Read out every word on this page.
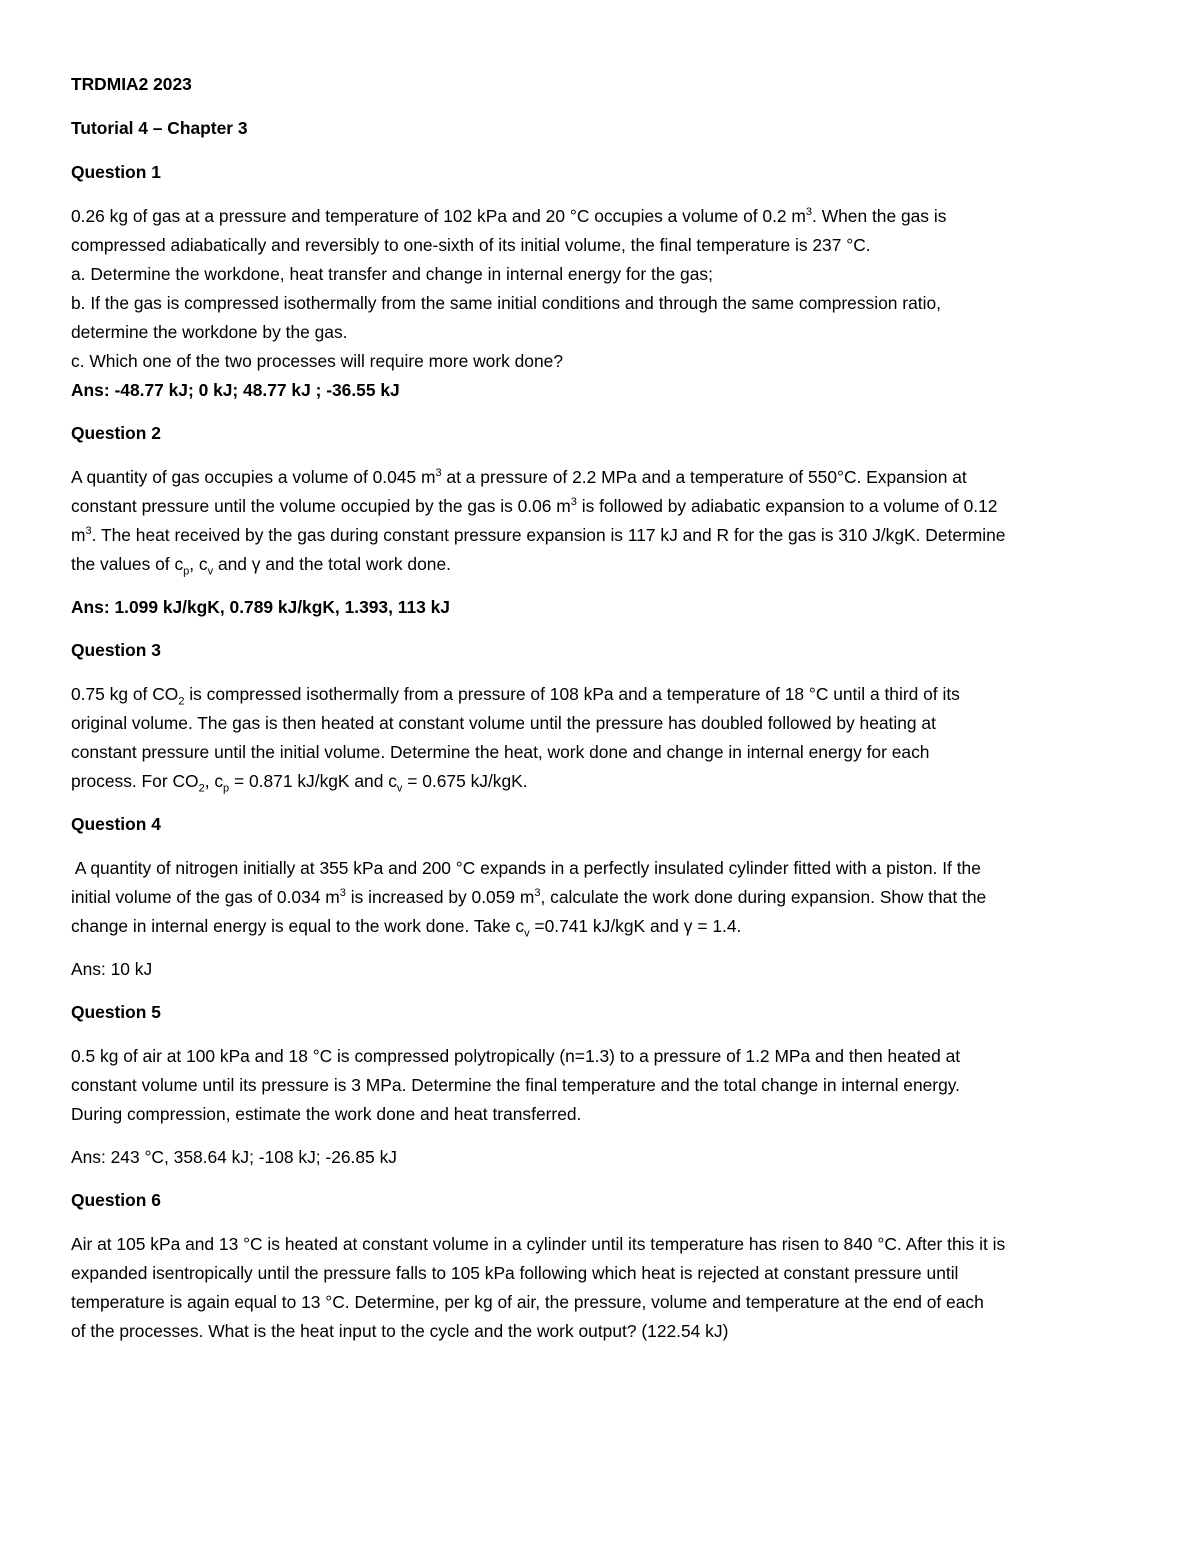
TRDMIA2 2023
Tutorial 4 – Chapter 3
Question 1
0.26 kg of gas at a pressure and temperature of 102 kPa and 20 °C occupies a volume of 0.2 $m^3$. When the gas is
compressed adiabatically and reversibly to one-sixth of its initial volume, the final temperature is 237 °C.
a. Determine the workdone, heat transfer and change in internal energy for the gas;
b. If the gas is compressed isothermally from the same initial conditions and through the same compression ratio,
determine the workdone by the gas.
c. Which one of the two processes will require more work done?
Ans: -48.77 kJ; 0 kJ; 48.77 kJ ; -36.55 kJ
Question 2
A quantity of gas occupies a volume of 0.045 $m^3$ at a pressure of 2.2 MPa and a temperature of 550°C. Expansion at
constant pressure until the volume occupied by the gas is 0.06 $m^3$ is followed by adiabatic expansion to a volume of 0.12
$m^3$. The heat received by the gas during constant pressure expansion is 117 kJ and R for the gas is 310 J/kgK. Determine
the values of $c_p$, $c_v$ and γ and the total work done.
Ans: 1.099 kJ/kgK, 0.789 kJ/kgK, 1.393, 113 kJ
Question 3
0.75 kg of $CO_2$ is compressed isothermally from a pressure of 108 kPa and a temperature of 18 °C until a third of its
original volume. The gas is then heated at constant volume until the pressure has doubled followed by heating at
constant pressure until the initial volume. Determine the heat, work done and change in internal energy for each
process. For $CO_2$, $c_p = 0.871$ kJ/kgK and $c_v = 0.675$ kJ/kgK.
Question 4
A quantity of nitrogen initially at 355 kPa and 200 °C expands in a perfectly insulated cylinder fitted with a piston. If the
initial volume of the gas of 0.034 $m^3$ is increased by 0.059 $m^3$, calculate the work done during expansion. Show that the
change in internal energy is equal to the work done. Take $c_v =0.741$ kJ/kgK and γ = 1.4.
Ans: 10 kJ
Question 5
0.5 kg of air at 100 kPa and 18 °C is compressed polytropically (n=1.3) to a pressure of 1.2 MPa and then heated at
constant volume until its pressure is 3 MPa. Determine the final temperature and the total change in internal energy.
During compression, estimate the work done and heat transferred.
Ans: 243 °C, 358.64 kJ; -108 kJ; -26.85 kJ
Question 6
Air at 105 kPa and 13 °C is heated at constant volume in a cylinder until its temperature has risen to 840 °C. After this it is
expanded isentropically until the pressure falls to 105 kPa following which heat is rejected at constant pressure until
temperature is again equal to 13 °C. Determine, per kg of air, the pressure, volume and temperature at the end of each
of the processes. What is the heat input to the cycle and the work output? (122.54 kJ)
